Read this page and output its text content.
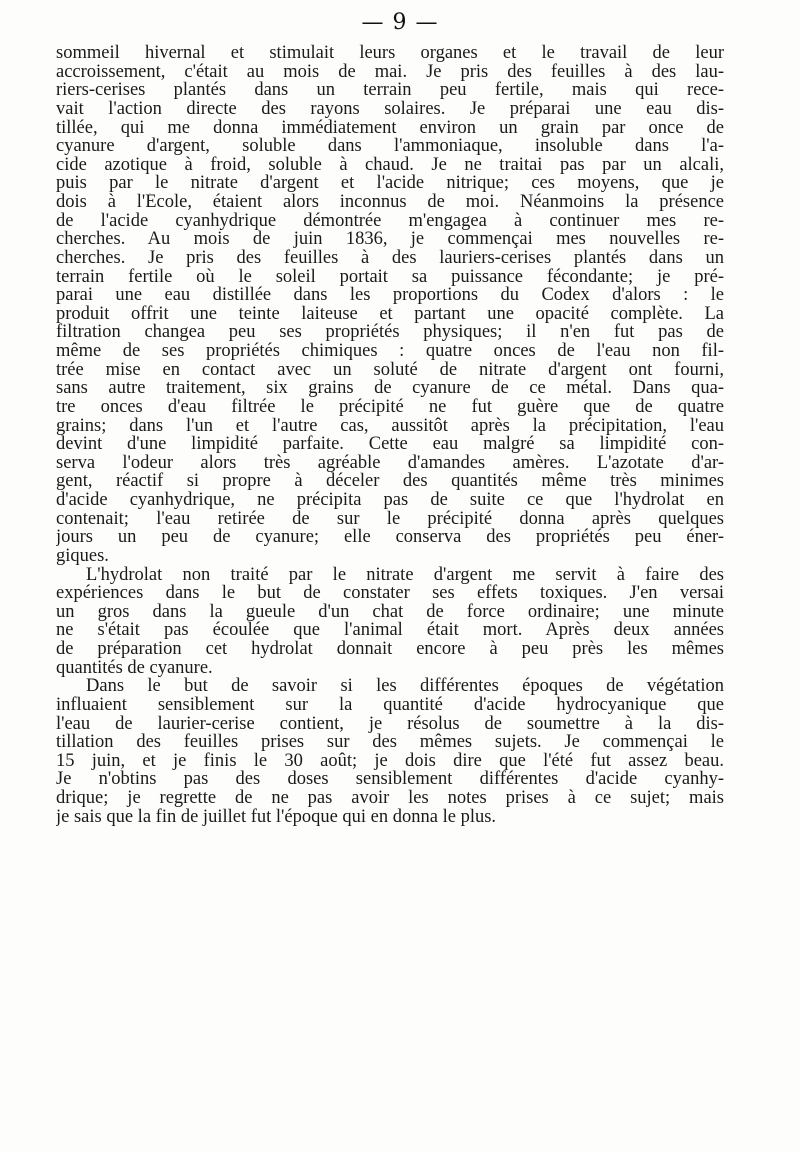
— 9 —
sommeil hivernal et stimulait leurs organes et le travail de leur
accroissement, c'était au mois de mai. Je pris des feuilles à des lau-
riers-cerises plantés dans un terrain peu fertile, mais qui rece-
vait l'action directe des rayons solaires. Je préparai une eau dis-
tillée, qui me donna immédiatement environ un grain par once de
cyanure d'argent, soluble dans l'ammoniaque, insoluble dans l'a-
cide azotique à froid, soluble à chaud. Je ne traitai pas par un alcali,
puis par le nitrate d'argent et l'acide nitrique; ces moyens, que je
dois à l'École, étaient alors inconnus de moi. Néanmoins la présence
de l'acide cyanhydrique démontrée m'engagea à continuer mes re-
cherches. Au mois de juin 1836, je commençai mes nouvelles re-
cherches. Je pris des feuilles à des lauriers-cerises plantés dans un
terrain fertile où le soleil portait sa puissance fécondante; je pré-
parai une eau distillée dans les proportions du Codex d'alors : le
produit offrit une teinte laiteuse et partant une opacité complète. La
filtration changea peu ses propriétés physiques; il n'en fut pas de
même de ses propriétés chimiques : quatre onces de l'eau non fil-
trée mise en contact avec un soluté de nitrate d'argent ont fourni,
sans autre traitement, six grains de cyanure de ce métal. Dans qua-
tre onces d'eau filtrée le précipité ne fut guère que de quatre
grains; dans l'un et l'autre cas, aussitôt après la précipitation, l'eau
devint d'une limpidité parfaite. Cette eau malgré sa limpidité con-
serva l'odeur alors très agréable d'amandes amères. L'azotate d'ar-
gent, réactif si propre à déceler des quantités même très minimes
d'acide cyanhydrique, ne précipita pas de suite ce que l'hydrolat en
contenait; l'eau retirée de sur le précipité donna après quelques
jours un peu de cyanure; elle conserva des propriétés peu éner-
giques.
L'hydrolat non traité par le nitrate d'argent me servit à faire des
expériences dans le but de constater ses effets toxiques. J'en versai
un gros dans la gueule d'un chat de force ordinaire; une minute
ne s'était pas écoulée que l'animal était mort. Après deux années
de préparation cet hydrolat donnait encore à peu près les mêmes
quantités de cyanure.
Dans le but de savoir si les différentes époques de végétation
influaient sensiblement sur la quantité d'acide hydrocyanique que
l'eau de laurier-cerise contient, je résolus de soumettre à la dis-
tillation des feuilles prises sur des mêmes sujets. Je commençai le
15 juin, et je finis le 30 août; je dois dire que l'été fut assez beau.
Je n'obtins pas des doses sensiblement différentes d'acide cyanhy-
drique; je regrette de ne pas avoir les notes prises à ce sujet; mais
je sais que la fin de juillet fut l'époque qui en donna le plus.
